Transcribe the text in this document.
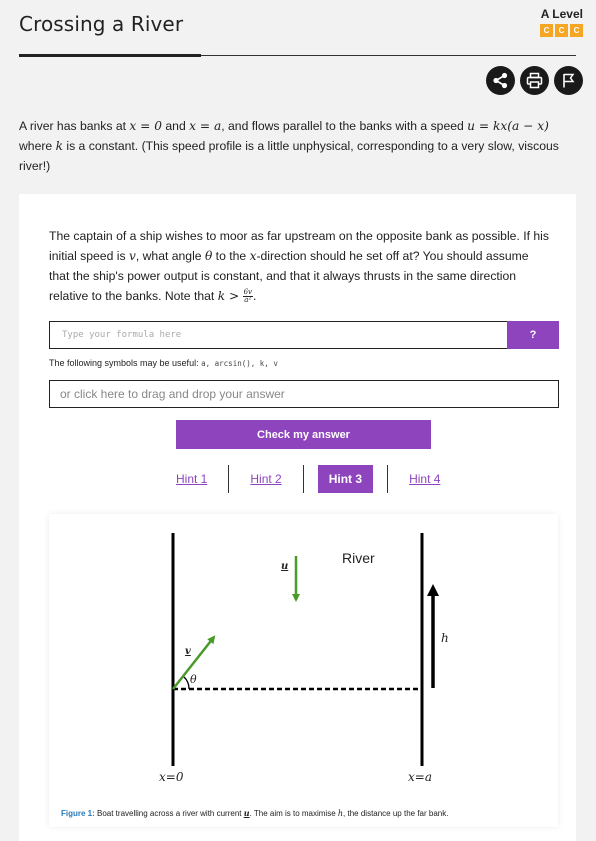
Crossing a River	A Level
C	C	C
A river has banks at x = 0 and x = a, and flows parallel to the banks with a speed u = kx(a − x) where k is a constant. (This speed profile is a little unphysical, corresponding to a very slow, viscous river!)
The captain of a ship wishes to moor as far upstream on the opposite bank as possible. If his initial speed is v, what angle θ to the x-direction should he set off at? You should assume that the ship's power output is constant, and that it always thrusts in the same direction relative to the banks. Note that $k > \frac{6v}{\text{a²}}$ .
Type your formula here	?
The following symbols may be useful: a, arcsin(), k, v
or click here to drag and drop your answer
Check my answer
Hint 1	Hint 2	Hint 3	Hint 4
River
u
v
θ
h
x=0	x=a
Figure 1: Boat travelling across a river with current u. The aim is to maximise h, the distance up the far bank.
